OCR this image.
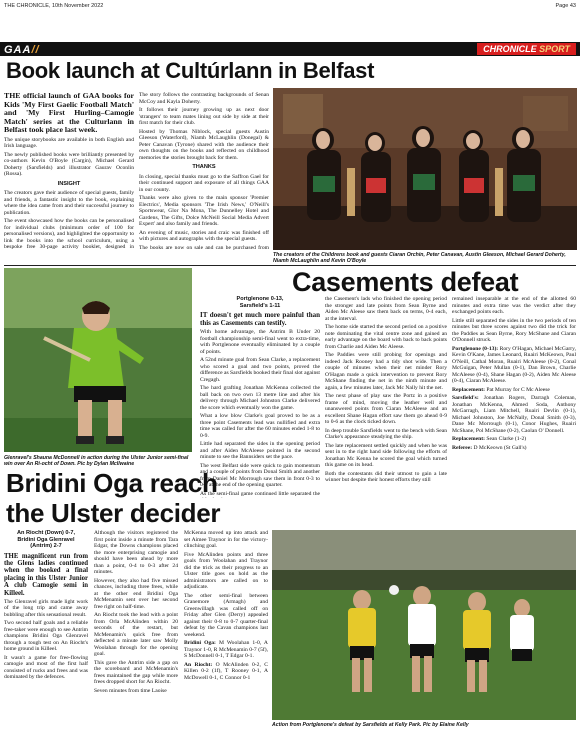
THE CHRONICLE, 10th November 2022	Page 43
GAA//	CHRONICLE SPORT
Book launch at Cultúrlann in Belfast

THE official launch of GAA books for Kids 'My First Gaelic Football Match' and 'My First Hurling–Camogie Match' series at the Culturlann in Belfast took place last week.

The unique storybooks are available in both English and Irish language.

The newly published books were brilliantly presented by co-authors Kevin O'Boyle (Cargin), Michael Gerard Doherty (Sarsfields) and illustrator Gaurav Oconlin (Rossa).

INSIGHT

The creators gave their audience of special guests, family and friends, a fantastic insight to the book, explaining where the idea came from and their successful journey to publication.

The event showcased how the books can be personalised for individual clubs (minimum order of 100 for personalised versions), and highlighted the opportunity to link the books into the school curriculum, using a bespoke free 30-page activity booklet, designed in

The story follows the contrasting backgrounds of Senan McCoy and Kayla Doherty.

It follows their journey growing up as next door 'strangers' to team mates lining out side by side at their first match for their club.

Hosted by Thomas Niblock, special guests Austin Gleeson (Waterford), Niamh McLaughlin (Donegal) & Peter Canavan (Tyrone) shared with the audience their own thoughts on the books and reflected on childhood memories the stories brought back for them.

THANKS

In closing, special thanks must go to the Saffron Gael for their continued support and exposure of all things GAA in our county.

Thanks were also given to the main sponsor 'Premier Electrics', Media sponsors 'The Irish News,' O'Neill's Sportswear, Glor Na Mona, The Dunnelley Hotel and Gardens, The Gifts, Dolce McNeill Social Media Advert Expert' and also family and friends.

An evening of music, stories and craic was finished off with pictures and autographs with the special guests.

The books are now on sale and can be purchased from

The creators of the Childrens book and guests Ciaran Orchin, Peter Canavan, Austin Gleeson, Michael Gerard Doherty, Niamh McLaughlin and Kevin O'Boyle
Glenravel's Shauna McDonnell in action during the Ulster Junior semi-final win over An Ri-ocht of Down. Pic by Dylan McIlwaine
Casements defeat
Portglenone 0-13,
Sarsfield's 1-11

IT doesn't get much more painful than this as Casements can testify.

With home advantage, the Antrim B Under 20 football championship semi-final went to extra-time, with Portglenone eventually eliminated by a couple of points.

A 52nd minute goal from Sean Clarke, a replacement who scored a goal and two points, proved the difference as Sarsfields booked their final slot against Cregagh.

The hard grafting Jonathan McKenna collected the ball back on two own 13 metre line and after his delivery through Michael Johnston Clarke delivered the score which eventually won the game.

What a low blow Clarke's goal proved to be as a three point Casements lead was nullified and extra time was called for after the 60 minutes ended 1-8 to 0-9.

Little had separated the sides in the opening period and after Aiden McAleese pointed in the second minute to see the Bannsiders set the pace.

The west Belfast side were quick to gain momentum and a couple of points from Donal Smith and another from Daniel Mc Morrough saw them in front 0-3 to 0-1 at the end of the opening quarter.

As the semi-final game continued little separated the

the Casement's lads who finished the opening period the stronger and late points from Sean Byrne and Aiden Mc Aleese saw them back on terms, 0-4 each, at the interval.

The home side started the second period on a positive note dominating the vital centre zone and gained an early advantage on the board with back to back points from Charlie and Aiden Mc Aleese.

The Paddies were still probing for openings and indeed Jack Rooney had a tidy shot wide. Then a couple of minutes when their net minder Rory O'Hagan made a quick intervention to prevent Rory McShane finding the net in the ninth minute and again, a few minutes later, Jack Mc Nally hit the net.

The next phase of play saw the Portz in a positive frame of mind, moving the leather well and unanswered points from Ciaran McAleese and an excellent Shane Hagan effort saw them go ahead 0-9 to 0-6 as the clock ticked down.

In deep trouble Sarsfields went to the bench with Sean Clarke's appearance steadying the ship.

The late replacement settled quickly and when he was sent in to the right hand side following the efforts of Jonathan Mc Kenna he scored the goal which turned this game on its head.

Both the contestants did their utmost to gain a late winner but despite their honest efforts they still

remained inseparable at the end of the allotted 60 minutes and extra time was the verdict after they exchanged points each.

Little still separated the sides in the two periods of ten minutes but three scores against two did the trick for the Paddies as Sean Byrne, Rory McShane and Ciaran O'Donnell struck.

Portglenone (0-13): Rory O'Hagan, Michael McGarry, Kevin O'Kane, James Leonard, Ruairi McKeown, Paul O'Neill, Cathal Moran, Ruairi McAleese (0-2), Conal McGuigan, Peter Mullan (0-1), Dan Brown, Charlie McAleese (0-4), Shane Hagan (0-2), Aiden Mc Aleese (0-4), Ciaran McAleese.

Replacement: Pat Murray for C Mc Aleese

Sarsfield's: Jonathan Rogers, Darragh Coleman, Jonathan McKenna, Ahmed Soda, Anthony McGarragh, Liam Mitchell, Ruairi Devlin (0-1), Michael Johnston, Joe McNally, Donal Smith (0-3), Dane Mc Morrough (0-1), Conor Hughes, Ruairi McShane, Pol McShane (0-2), Caolan O' Donnell.

Replacement: Sean Clarke (1-2)

Referee: D McKeown (St Gall's)

Bridini Oga reach
the Ulster decider
An Riocht (Down) 0-7,
Bridini Oga Glenravel
(Antrim) 2-7

THE magnificent run from the Glens ladies continued when the booked a final placing in this Ulster Junior A club Camogie semi in Killeel.

The Glenravel girls made light work of the long trip and came away bubbling after this sensational result.

Two second half goals and a reliable free-taker were enough to see Antrim champions Bridini Oga Glenravel through a tough test on An Riocht's home ground in Killeel.

It wasn't a game for free-flowing camogie and most of the first half consisted of rucks and frees and was dominated by the defences.

Although the visitors registered the first point inside a minute from Tara Edgar, the Downs champions placed the more enterprising camogie and should have been ahead by more than a point, 0-4 to 0-3 after 24 minutes.

However, they also had five missed chances, including three frees, while at the other end Bridini Oga McMenamin sent over her second free right on half-time.

An Riocht took the lead with a point from Orla McAlinden within 20 seconds of the restart, but McMenamin's quick free from deflected a minute later saw Molly Woolahan through for the opening goal.

This gave the Antrim side a gap on the scoreboard and McMenamin's frees maintained the gap while more frees dropped short for An Riocht.

Seven minutes from time Laoise

McKenna moved up into attack and set Aimee Traynor in for the victory-clinching goal.

Five McAlinden points and three goals from Woolahan and Traynor did the trick as their progress to an Ulster title goes on hold as the administrators are called on to adjudicate.

The other semi-final between Granemore (Armagh) and Greenwillagh was called off on Friday after Glen (Derry) appealed against their 0-8 to 0-7 quarter-final defeat by the Cavan champions last weekend.

Bridini Oga: M Woolahan 1-0, A Traynor 1-0, R McMenamin 0-7 (5f), S McDonnell 0-1, T Edgar 0-1.

An Riocht: O McAlinden 0-2, C Killen 0-2 (1f), T Rooney 0-1, A McDowell 0-1, C Connor 0-1

Action from Portglenone's defeat by Sarsfields at Kelly Park. Pic by Elaine Kelly
